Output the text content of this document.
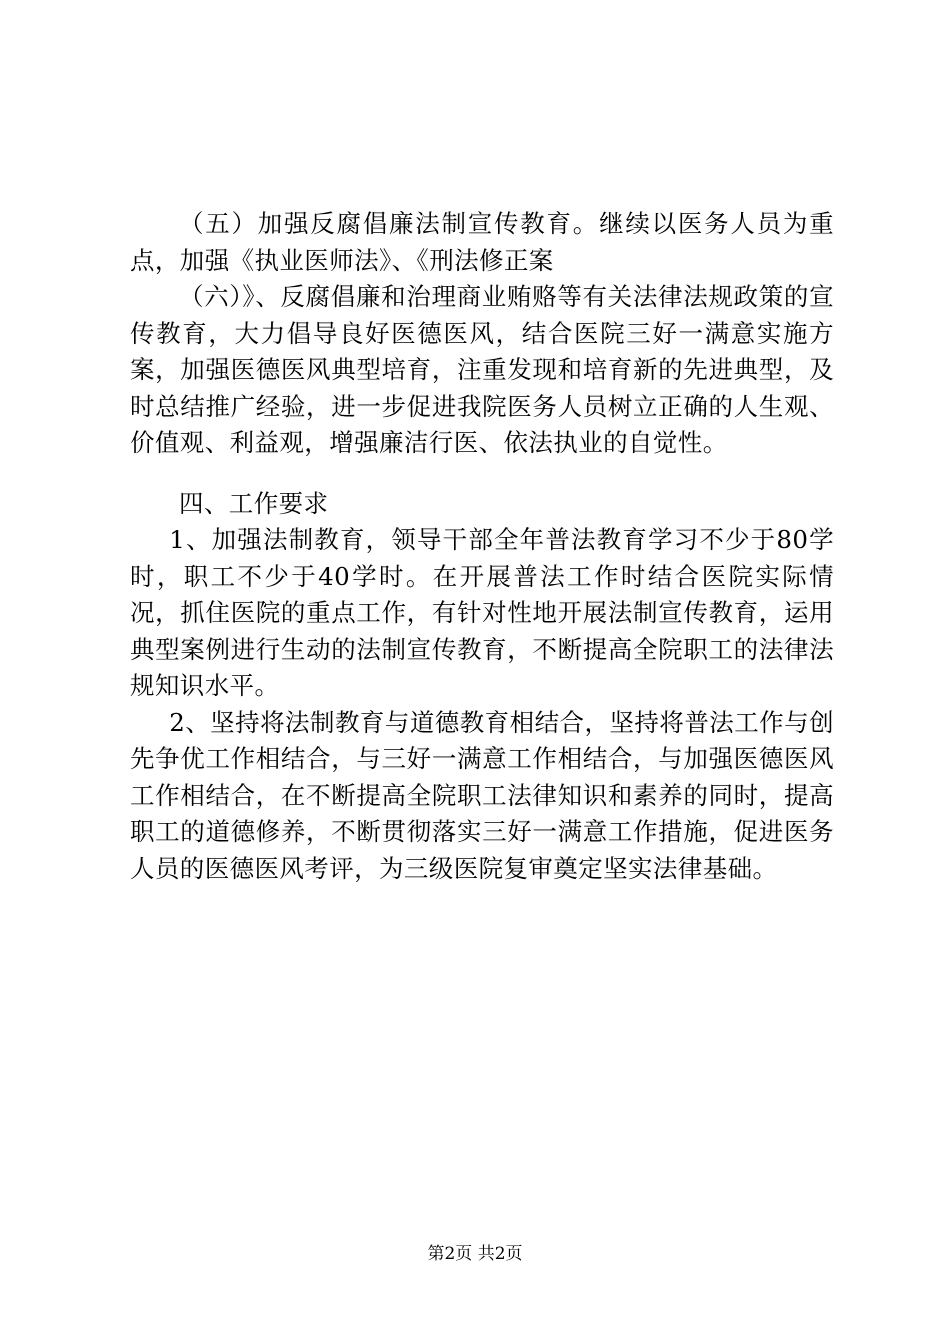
（五）加强反腐倡廉法制宣传教育。继续以医务人员为重点，加强《执业医师法》、《刑法修正案

（六）》、反腐倡廉和治理商业贿赂等有关法律法规政策的宣传教育，大力倡导良好医德医风，结合医院三好一满意实施方案，加强医德医风典型培育，注重发现和培育新的先进典型，及时总结推广经验，进一步促进我院医务人员树立正确的人生观、价值观、利益观，增强廉洁行医、依法执业的自觉性。

四、工作要求

1、加强法制教育，领导干部全年普法教育学习不少于80学时，职工不少于40学时。在开展普法工作时结合医院实际情况，抓住医院的重点工作，有针对性地开展法制宣传教育，运用典型案例进行生动的法制宣传教育，不断提高全院职工的法律法规知识水平。

2、坚持将法制教育与道德教育相结合，坚持将普法工作与创先争优工作相结合，与三好一满意工作相结合，与加强医德医风工作相结合，在不断提高全院职工法律知识和素养的同时，提高职工的道德修养，不断贯彻落实三好一满意工作措施，促进医务人员的医德医风考评，为三级医院复审奠定坚实法律基础。

第2页 共2页
